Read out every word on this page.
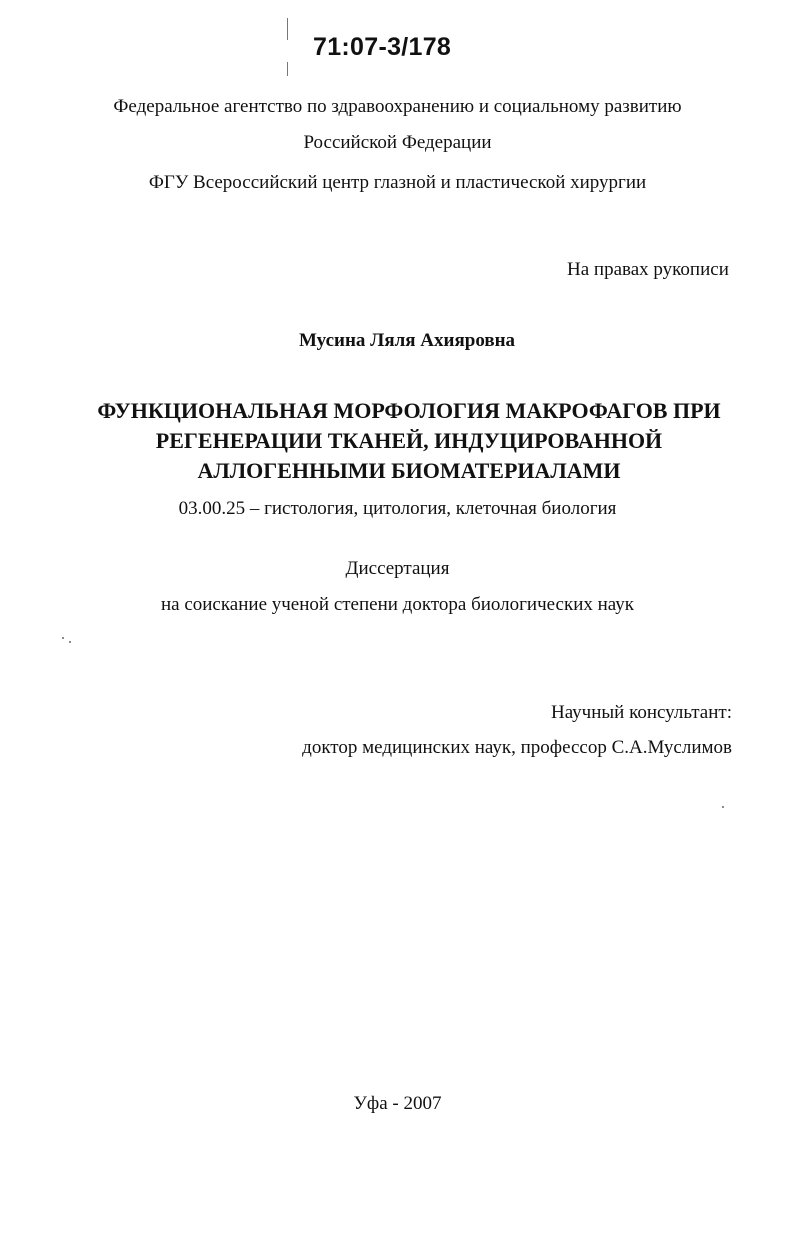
71:07-3/178
Федеральное агентство по здравоохранению и социальному развитию
Российской Федерации
ФГУ Всероссийский центр глазной и пластической хирургии
На правах рукописи
Мусина Ляля Ахияровна
ФУНКЦИОНАЛЬНАЯ МОРФОЛОГИЯ МАКРОФАГОВ ПРИ
РЕГЕНЕРАЦИИ ТКАНЕЙ, ИНДУЦИРОВАННОЙ
АЛЛОГЕННЫМИ БИОМАТЕРИАЛАМИ
03.00.25 – гистология, цитология, клеточная биология
Диссертация
на соискание ученой степени доктора биологических наук
Научный консультант:
доктор медицинских наук, профессор С.А.Муслимов
Уфа - 2007
